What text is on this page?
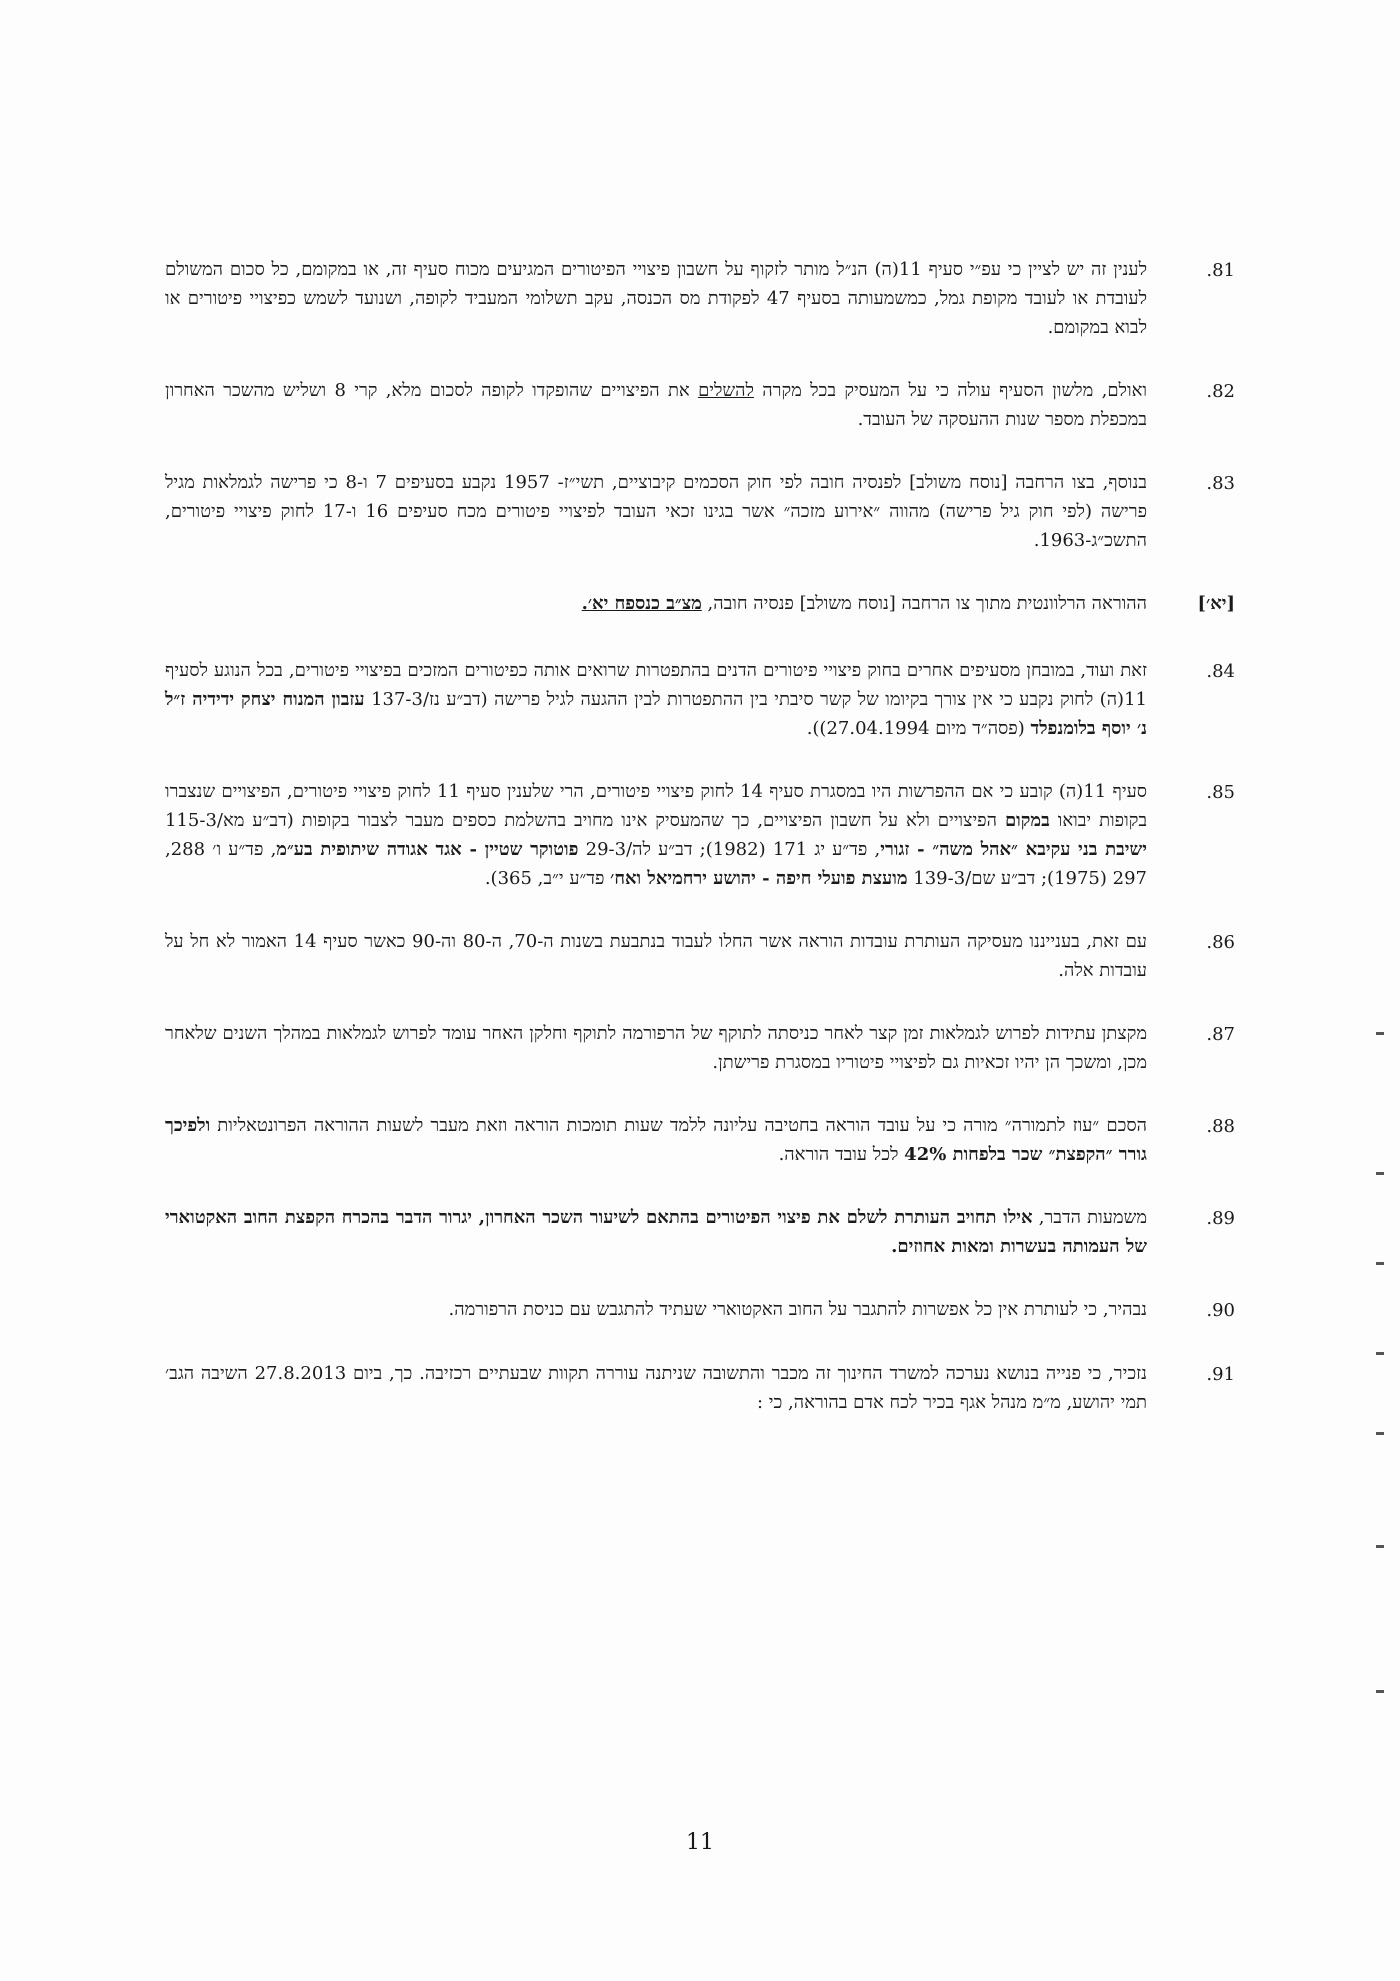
.81
לענין זה יש לציין כי עפ״י סעיף 11(ה) הנ״ל מותר לזקוף על חשבון פיצויי הפיטורים המגיעים מכוח סעיף זה, או במקומם, כל סכום המשולם לעובדת או לעובד מקופת גמל, כמשמעותה בסעיף 47 לפקודת מס הכנסה, עקב תשלומי המעביד לקופה, ושנועד לשמש כפיצויי פיטורים או לבוא במקומם.
.82
ואולם, מלשון הסעיף עולה כי על המעסיק בכל מקרה להשלים את הפיצויים שהופקדו לקופה לסכום מלא, קרי 8 ושליש מהשכר האחרון במכפלת מספר שנות ההעסקה של העובד.
.83
בנוסף, בצו הרחבה [נוסח משולב] לפנסיה חובה לפי חוק הסכמים קיבוציים, תשי״ז- 1957 נקבע בסעיפים 7 ו-8 כי פרישה לגמלאות מגיל פרישה (לפי חוק גיל פרישה) מהווה ״אירוע מזכה״ אשר בגינו זכאי העובד לפיצויי פיטורים מכח סעיפים 16 ו-17 לחוק פיצויי פיטורים, התשכ״ג-1963.
[יא׳]
ההוראה הרלוונטית מתוך צו הרחבה [נוסח משולב] פנסיה חובה, מצ״ב כנספח יא׳.
.84
זאת ועוד, במובחן מסעיפים אחרים בחוק פיצויי פיטורים הדנים בהתפטרות שרואים אותה כפיטורים המזכים בפיצויי פיטורים, בכל הנוגע לסעיף 11(ה) לחוק נקבע כי אין צורך בקיומו של קשר סיבתי בין ההתפטרות לבין ההגעה לגיל פרישה (דב״ע נז/137-3 עזבון המנוח יצחק ידידיה ז״ל נ׳ יוסף בלומנפלד (פסה״ד מיום 27.04.1994)).
.85
סעיף 11(ה) קובע כי אם ההפרשות היו במסגרת סעיף 14 לחוק פיצויי פיטורים, הרי שלענין סעיף 11 לחוק פיצויי פיטורים, הפיצויים שנצברו בקופות יבואו במקום הפיצויים ולא על חשבון הפיצויים, כך שהמעסיק אינו מחויב בהשלמת כספים מעבר לצבור בקופות (דב״ע מא/115-3 ישיבת בני עקיבא ״אהל משה״ - זגורי, פד״ע יג 171 (1982); דב״ע לה/29-3 פוטוקר שטיין - אגד אגודה שיתופית בע״מ, פד״ע ו׳ 288, 297 (1975); דב״ע שם/139-3 מועצת פועלי חיפה - יהושע ירחמיאל ואח׳ פד״ע י״ב, 365).
.86
עם זאת, בענייננו מעסיקה העותרת עובדות הוראה אשר החלו לעבוד בנתבעת בשנות ה-70, ה-80 וה-90 כאשר סעיף 14 האמור לא חל על עובדות אלה.
.87
מקצתן עתידות לפרוש לגמלאות זמן קצר לאחר כניסתה לתוקף של הרפורמה לתוקף וחלקן האחר עומד לפרוש לגמלאות במהלך השנים שלאחר מכן, ומשכך הן יהיו זכאיות גם לפיצויי פיטוריו במסגרת פרישתן.
.88
הסכם ״עוז לתמורה״ מורה כי על עובד הוראה בחטיבה עליונה ללמד שעות תומכות הוראה וזאת מעבר לשעות ההוראה הפרונטאליות ולפיכך גורר ״הקפצת״ שכר בלפחות 42% לכל עובד הוראה.
.89
משמעות הדבר, אילו תחויב העותרת לשלם את פיצוי הפיטורים בהתאם לשיעור השכר האחרון, יגרור הדבר בהכרח הקפצת החוב האקטוארי של העמותה בעשרות ומאות אחוזים.
.90
נבהיר, כי לעותרת אין כל אפשרות להתגבר על החוב האקטוארי שעתיד להתגבש עם כניסת הרפורמה.
.91
נזכיר, כי פנייה בנושא נערכה למשרד החינוך זה מכבר והתשובה שניתנה עוררה תקוות שבעתיים רכזיבה. כך, ביום 27.8.2013 השיבה הגב׳ תמי יהושע, מ״מ מנהל אגף בכיר לכח אדם בהוראה, כי :
11
